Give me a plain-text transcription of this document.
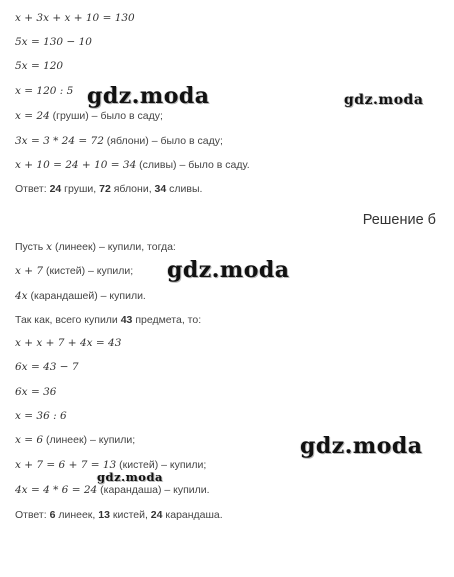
x + 3x + x + 10 = 130
5x = 130 − 10
5x = 120
x = 120 : 5
x = 24 (груши) – было в саду;
3x = 3 * 24 = 72 (яблони) – было в саду;
x + 10 = 24 + 10 = 34 (сливы) – было в саду.
Ответ: 24 груши, 72 яблони, 34 сливы.
Решение б
Пусть x (линеек) – купили, тогда:
x + 7 (кистей) – купили;
4x (карандашей) – купили.
Так как, всего купили 43 предмета, то:
x + x + 7 + 4x = 43
6x = 43 − 7
6x = 36
x = 36 : 6
x = 6 (линеек) – купили;
x + 7 = 6 + 7 = 13 (кистей) – купили;
4x = 4 * 6 = 24 (карандаша) – купили.
Ответ: 6 линеек, 13 кистей, 24 карандаша.
gdz.moda	gdz.moda
gdz.moda
gdz.moda
gdz.moda
